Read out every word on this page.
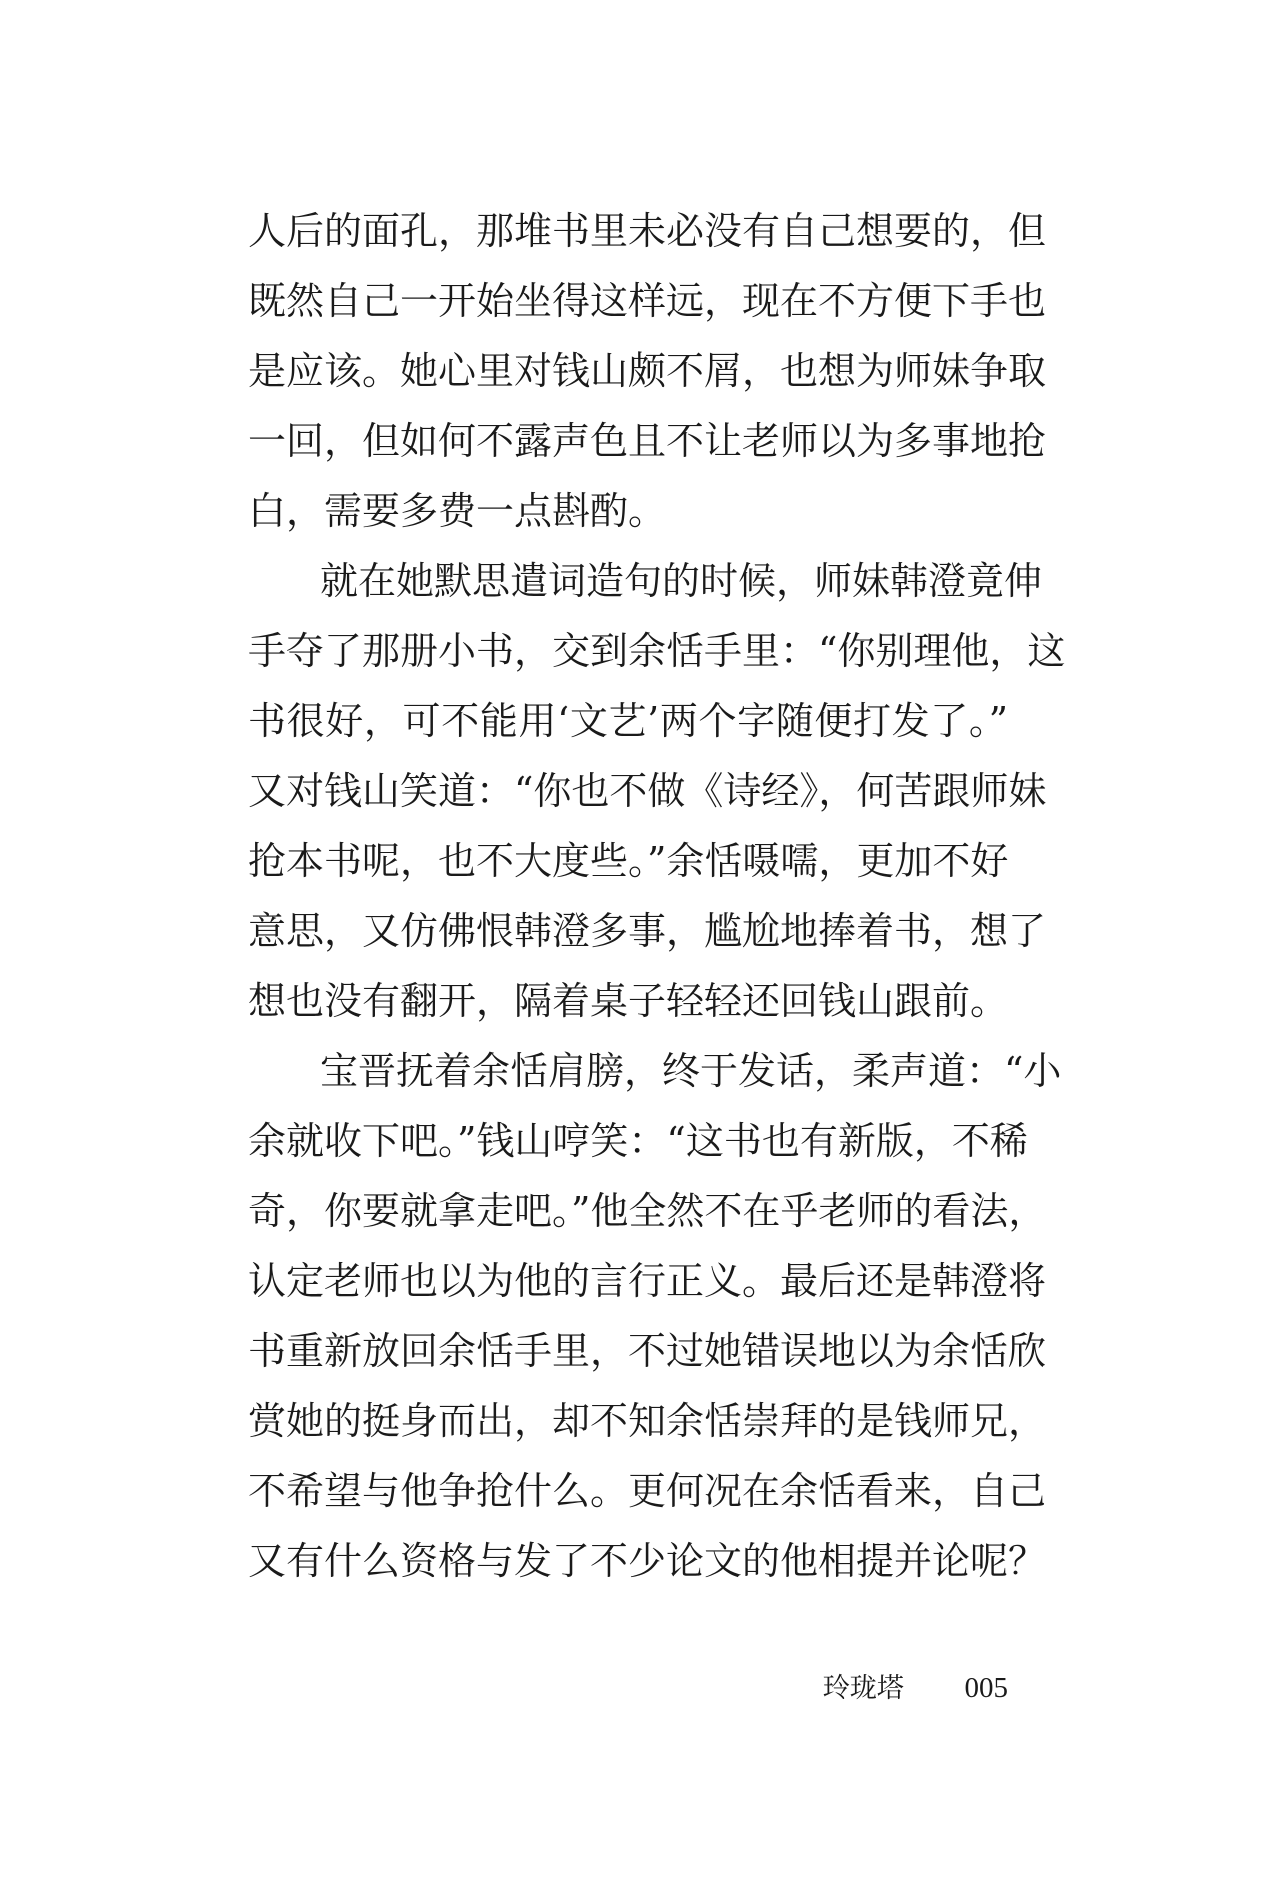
人后的面孔，那堆书里未必没有自己想要的，但
既然自己一开始坐得这样远，现在不方便下手也
是应该。她心里对钱山颇不屑，也想为师妹争取
一回，但如何不露声色且不让老师以为多事地抢
白，需要多费一点斟酌。
就在她默思遣词造句的时候，师妹韩澄竟伸
手夺了那册小书，交到余恬手里：“你别理他，这
书很好，可不能用‘文艺’两个字随便打发了。”
又对钱山笑道：“你也不做《诗经》，何苦跟师妹
抢本书呢，也不大度些。”余恬嗫嚅，更加不好
意思，又仿佛恨韩澄多事，尴尬地捧着书，想了
想也没有翻开，隔着桌子轻轻还回钱山跟前。
宝晋抚着余恬肩膀，终于发话，柔声道：“小
余就收下吧。”钱山哼笑：“这书也有新版，不稀
奇，你要就拿走吧。”他全然不在乎老师的看法，
认定老师也以为他的言行正义。最后还是韩澄将
书重新放回余恬手里，不过她错误地以为余恬欣
赏她的挺身而出，却不知余恬崇拜的是钱师兄，
不希望与他争抢什么。更何况在余恬看来，自己
又有什么资格与发了不少论文的他相提并论呢？
玲珑塔 005
